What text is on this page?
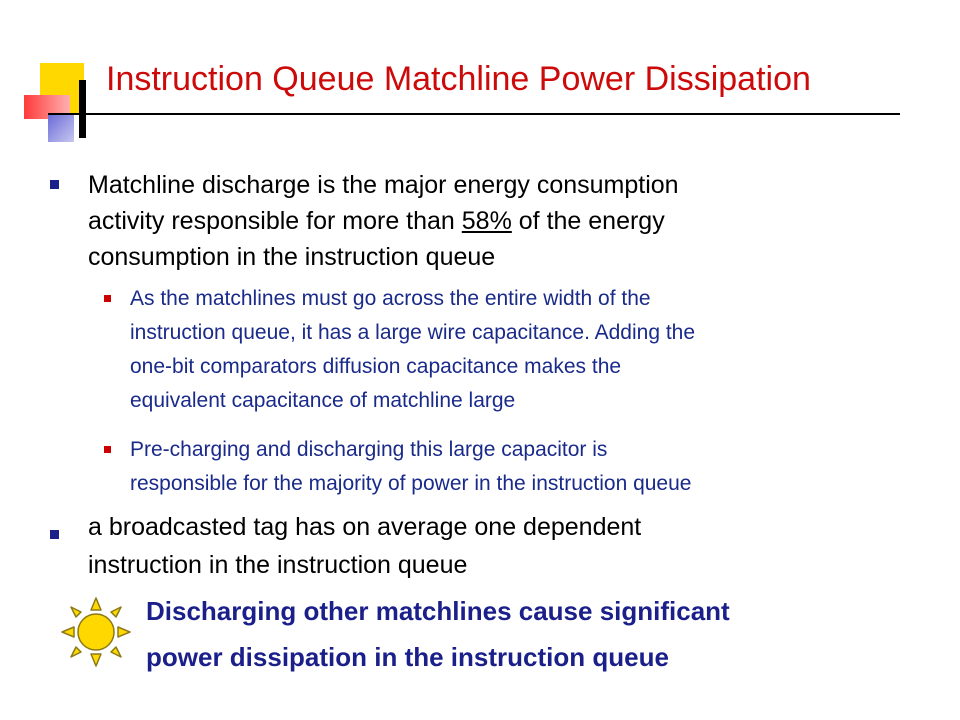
Instruction Queue Matchline Power Dissipation

Matchline discharge is the major energy consumption

activity responsible for more than 58% of the energy

consumption in the instruction queue

As the matchlines must go across the entire width of the

instruction queue, it has a large wire capacitance. Adding the

one-bit comparators diffusion capacitance makes the

equivalent capacitance of matchline large

Pre-charging and discharging this large capacitor is

responsible for the majority of power in the instruction queue

a broadcasted tag has on average one dependent

instruction in the instruction queue

Discharging other matchlines cause significant

power dissipation in the instruction queue
